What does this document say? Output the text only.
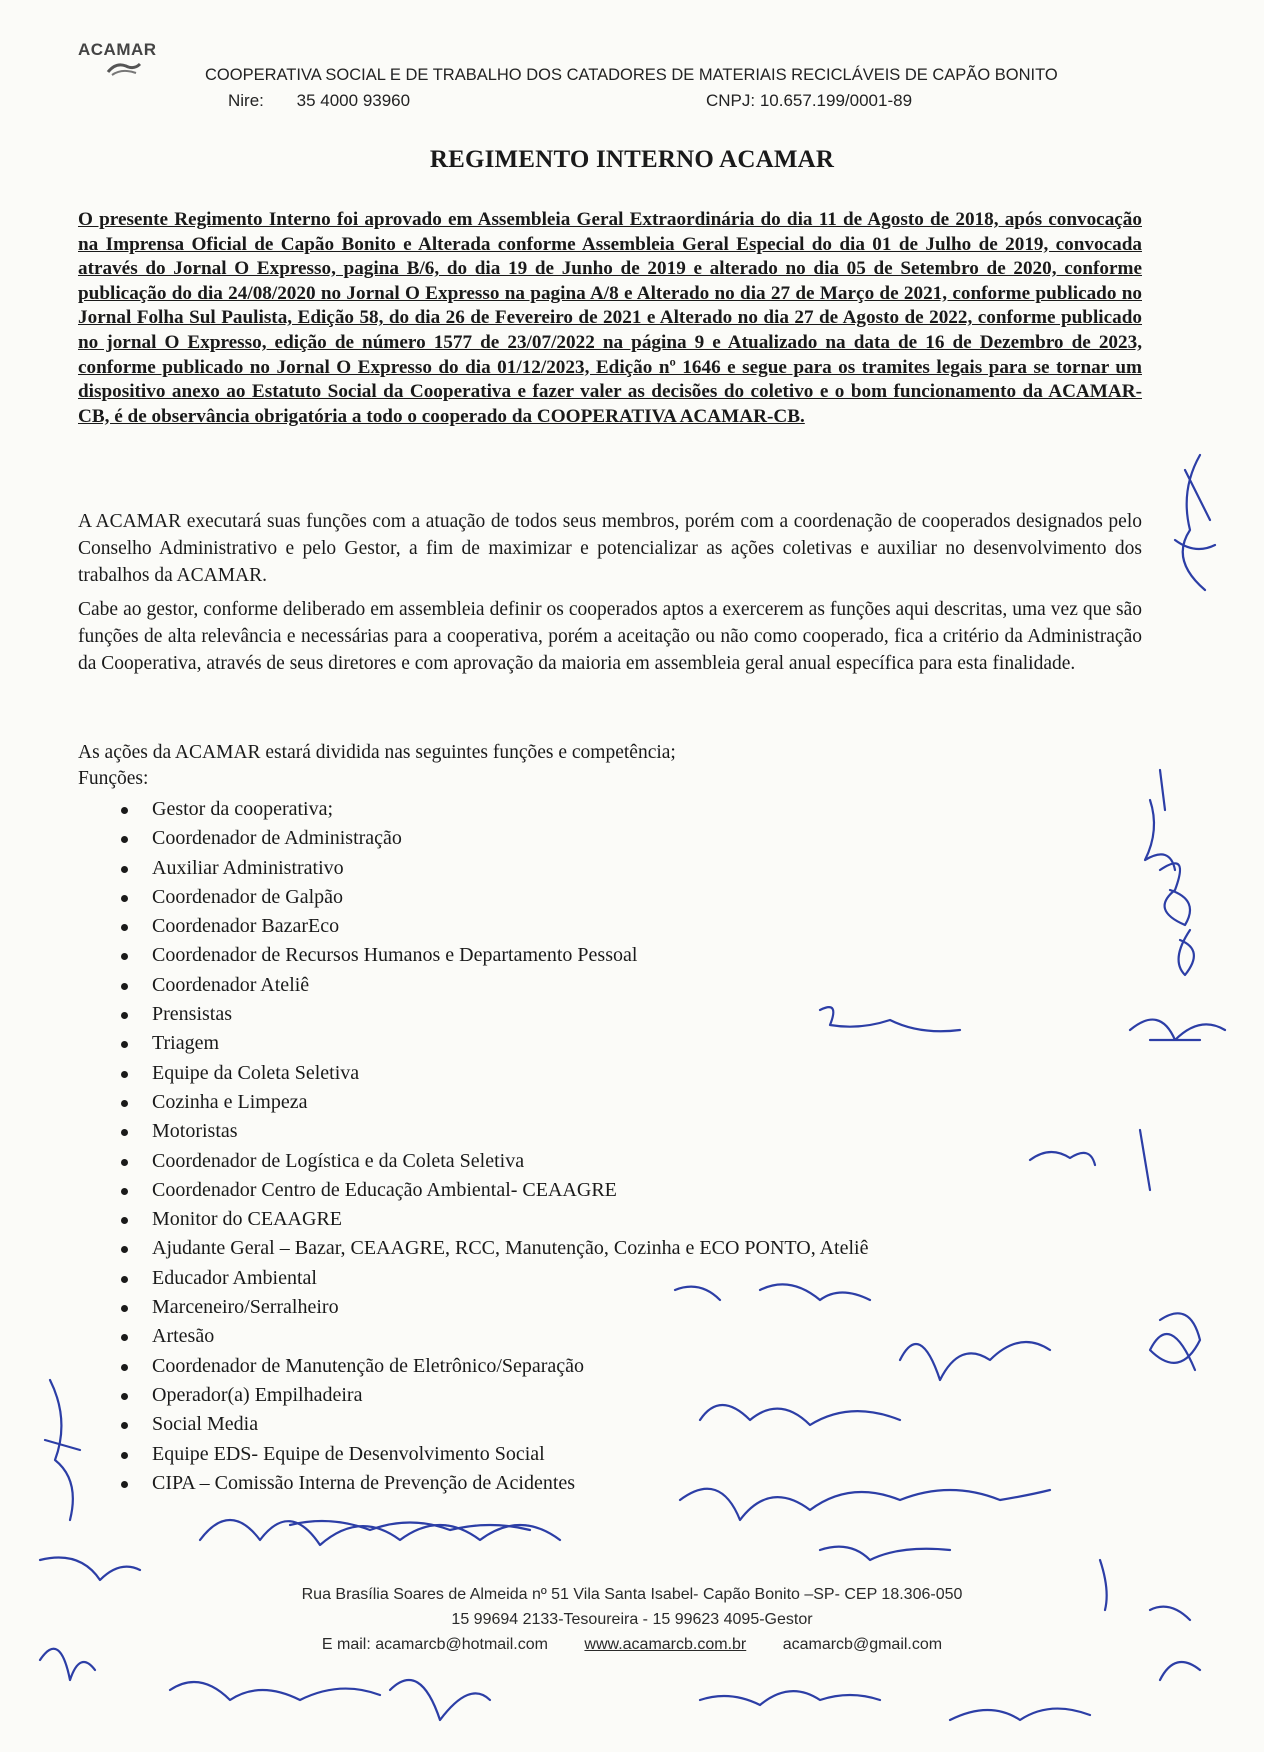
ACAMAR
COOPERATIVA SOCIAL E DE TRABALHO DOS CATADORES DE MATERIAIS RECICLÁVEIS DE CAPÃO BONITO
Nire: 35 4000 93960	CNPJ: 10.657.199/0001-89
REGIMENTO INTERNO ACAMAR
O presente Regimento Interno foi aprovado em Assembleia Geral Extraordinária do dia 11 de Agosto de 2018, após convocação na Imprensa Oficial de Capão Bonito e Alterada conforme Assembleia Geral Especial do dia 01 de Julho de 2019, convocada através do Jornal O Expresso, pagina B/6, do dia 19 de Junho de 2019 e alterado no dia 05 de Setembro de 2020, conforme publicação do dia 24/08/2020 no Jornal O Expresso na pagina A/8 e Alterado no dia 27 de Março de 2021, conforme publicado no Jornal Folha Sul Paulista, Edição 58, do dia 26 de Fevereiro de 2021 e Alterado no dia 27 de Agosto de 2022, conforme publicado no jornal O Expresso, edição de número 1577 de 23/07/2022 na página 9 e Atualizado na data de 16 de Dezembro de 2023, conforme publicado no Jornal O Expresso do dia 01/12/2023, Edição nº 1646 e segue para os tramites legais para se tornar um dispositivo anexo ao Estatuto Social da Cooperativa e fazer valer as decisões do coletivo e o bom funcionamento da ACAMAR-CB, é de observância obrigatória a todo o cooperado da COOPERATIVA ACAMAR-CB.
A ACAMAR executará suas funções com a atuação de todos seus membros, porém com a coordenação de cooperados designados pelo Conselho Administrativo e pelo Gestor, a fim de maximizar e potencializar as ações coletivas e auxiliar no desenvolvimento dos trabalhos da ACAMAR.
Cabe ao gestor, conforme deliberado em assembleia definir os cooperados aptos a exercerem as funções aqui descritas, uma vez que são funções de alta relevância e necessárias para a cooperativa, porém a aceitação ou não como cooperado, fica a critério da Administração da Cooperativa, através de seus diretores e com aprovação da maioria em assembleia geral anual específica para esta finalidade.
As ações da ACAMAR estará dividida nas seguintes funções e competência;
Funções:
Gestor da cooperativa;
Coordenador de Administração
Auxiliar Administrativo
Coordenador de Galpão
Coordenador BazarEco
Coordenador de Recursos Humanos e Departamento Pessoal
Coordenador Ateliê
Prensistas
Triagem
Equipe da Coleta Seletiva
Cozinha e Limpeza
Motoristas
Coordenador de Logística e da Coleta Seletiva
Coordenador Centro de Educação Ambiental- CEAAGRE
Monitor do CEAAGRE
Ajudante Geral – Bazar, CEAAGRE, RCC, Manutenção, Cozinha e ECO PONTO, Ateliê
Educador Ambiental
Marceneiro/Serralheiro
Artesão
Coordenador de Manutenção de Eletrônico/Separação
Operador(a) Empilhadeira
Social Media
Equipe EDS- Equipe de Desenvolvimento Social
CIPA – Comissão Interna de Prevenção de Acidentes
Rua Brasília Soares de Almeida nº 51 Vila Santa Isabel- Capão Bonito –SP- CEP 18.306-050
15 99694 2133-Tesoureira - 15 99623 4095-Gestor
E mail: acamarcb@hotmail.com www.acamarcb.com.br acamarcb@gmail.com
